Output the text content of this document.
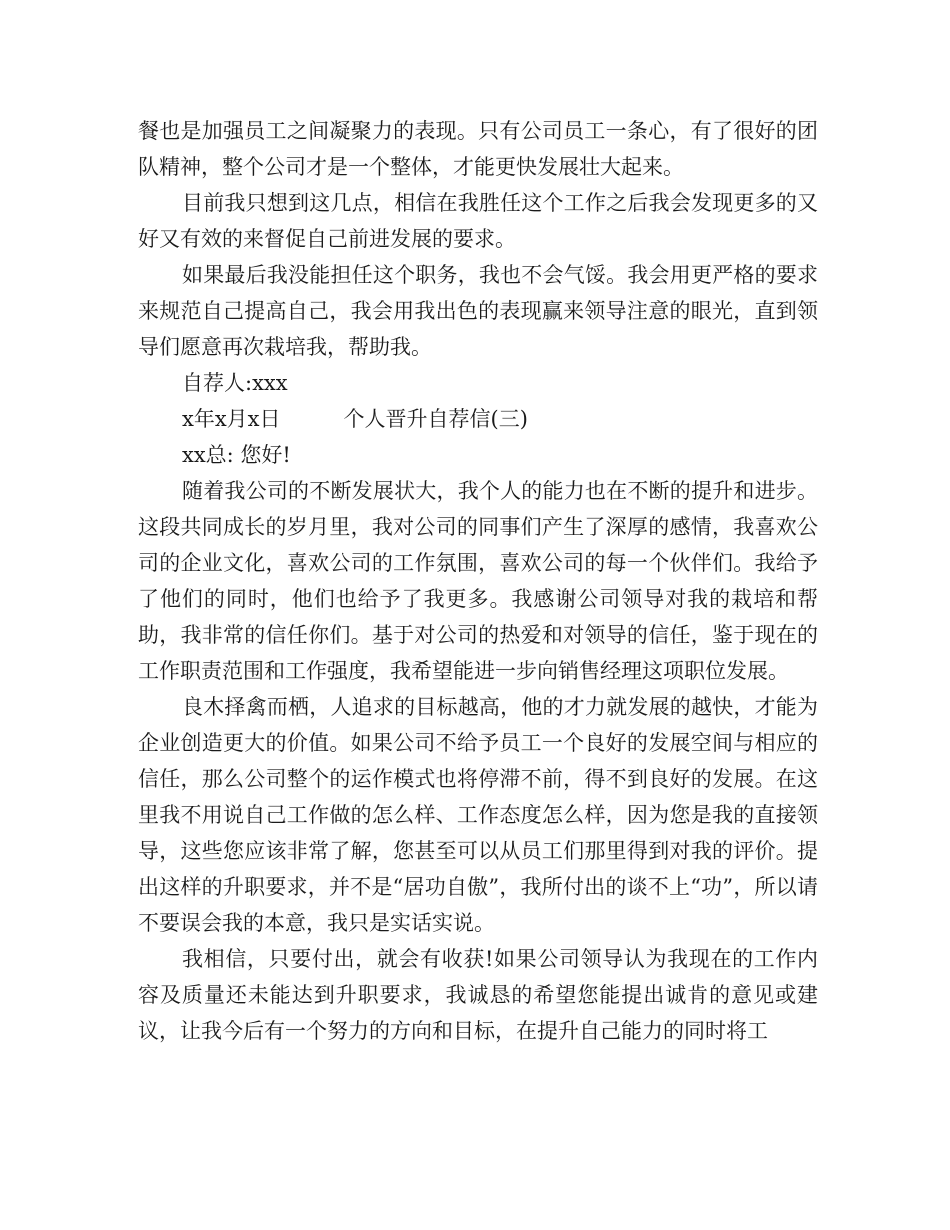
餐也是加强员工之间凝聚力的表现。只有公司员工一条心，有了很好的团队精神，整个公司才是一个整体，才能更快发展壮大起来。

目前我只想到这几点，相信在我胜任这个工作之后我会发现更多的又好又有效的来督促自己前进发展的要求。

如果最后我没能担任这个职务，我也不会气馁。我会用更严格的要求来规范自己提高自己，我会用我出色的表现赢来领导注意的眼光，直到领导们愿意再次栽培我，帮助我。

自荐人:xxx

x年x月x日　　　个人晋升自荐信(三)

xx总: 您好!

随着我公司的不断发展状大，我个人的能力也在不断的提升和进步。这段共同成长的岁月里，我对公司的同事们产生了深厚的感情，我喜欢公司的企业文化，喜欢公司的工作氛围，喜欢公司的每一个伙伴们。我给予了他们的同时，他们也给予了我更多。我感谢公司领导对我的栽培和帮助，我非常的信任你们。基于对公司的热爱和对领导的信任，鉴于现在的工作职责范围和工作强度，我希望能进一步向销售经理这项职位发展。

良木择禽而栖，人追求的目标越高，他的才力就发展的越快，才能为企业创造更大的价值。如果公司不给予员工一个良好的发展空间与相应的信任，那么公司整个的运作模式也将停滞不前，得不到良好的发展。在这里我不用说自己工作做的怎么样、工作态度怎么样，因为您是我的直接领导，这些您应该非常了解，您甚至可以从员工们那里得到对我的评价。提出这样的升职要求，并不是“居功自傲”，我所付出的谈不上“功”，所以请不要误会我的本意，我只是实话实说。

我相信，只要付出，就会有收获!如果公司领导认为我现在的工作内容及质量还未能达到升职要求，我诚恳的希望您能提出诚肯的意见或建议，让我今后有一个努力的方向和目标，在提升自己能力的同时将工
